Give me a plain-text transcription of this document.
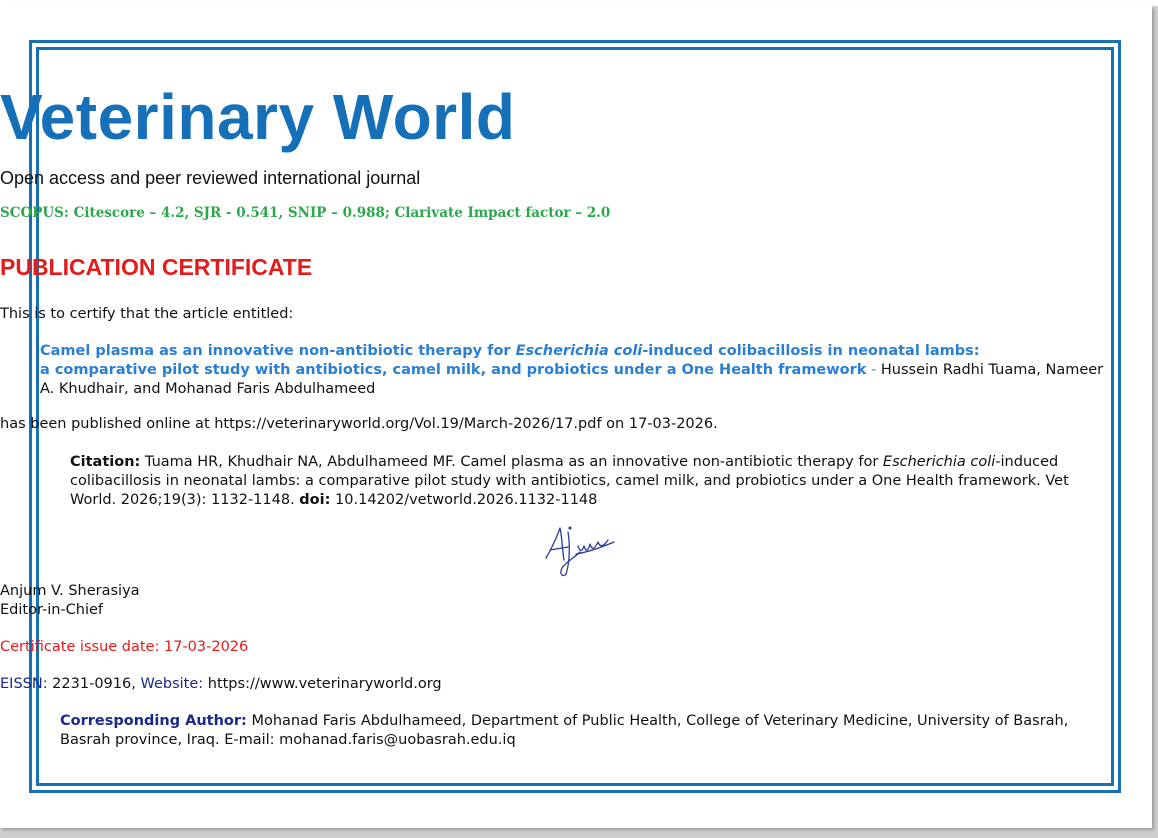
Veterinary World
Open access and peer reviewed international journal
SCOPUS: Citescore – 4.2, SJR - 0.541, SNIP – 0.988; Clarivate Impact factor – 2.0
PUBLICATION CERTIFICATE
This is to certify that the article entitled:
Camel plasma as an innovative non-antibiotic therapy for Escherichia coli-induced colibacillosis in neonatal lambs:
a comparative pilot study with antibiotics, camel milk, and probiotics under a One Health framework - Hussein Radhi Tuama, Nameer A. Khudhair, and Mohanad Faris Abdulhameed
has been published online at https://veterinaryworld.org/Vol.19/March-2026/17.pdf on 17-03-2026.
Citation: Tuama HR, Khudhair NA, Abdulhameed MF. Camel plasma as an innovative non-antibiotic therapy for Escherichia coli-induced colibacillosis in neonatal lambs: a comparative pilot study with antibiotics, camel milk, and probiotics under a One Health framework. Vet World. 2026;19(3): 1132-1148. doi: 10.14202/vetworld.2026.1132-1148
Anjum V. Sherasiya
Editor-in-Chief
Certificate issue date: 17-03-2026
EISSN: 2231-0916, Website: https://www.veterinaryworld.org
Corresponding Author: Mohanad Faris Abdulhameed, Department of Public Health, College of Veterinary Medicine, University of Basrah, Basrah province, Iraq. E-mail: mohanad.faris@uobasrah.edu.iq
